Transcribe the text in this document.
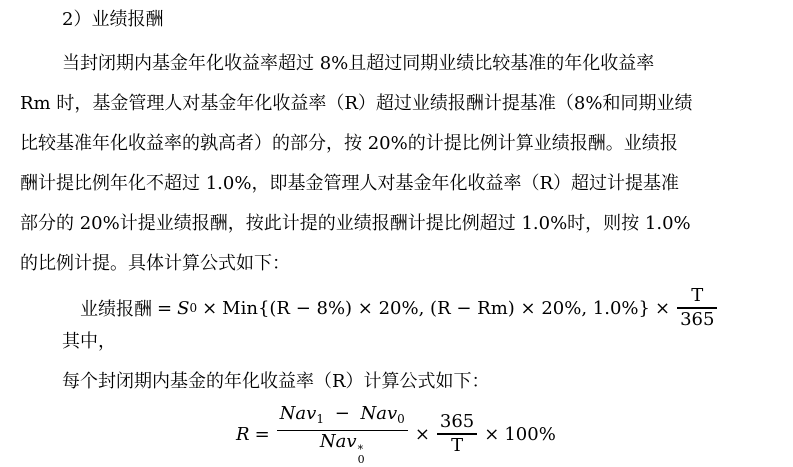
2）业绩报酬
当封闭期内基金年化收益率超过 8%且超过同期业绩比较基准的年化收益率
Rm 时，基金管理人对基金年化收益率（R）超过业绩报酬计提基准（8%和同期业绩
比较基准年化收益率的孰高者）的部分，按 20%的计提比例计算业绩报酬。业绩报
酬计提比例年化不超过 1.0%，即基金管理人对基金年化收益率（R）超过计提基准
部分的 20%计提业绩报酬，按此计提的业绩报酬计提比例超过 1.0%时，则按 1.0%
的比例计提。具体计算公式如下：
业绩报酬 = S 0 × Min{(R − 8%) × 20%, (R − Rm) × 20%, $1.0\%\} \times \frac{T}{365}$
其中，
每个封闭期内基金的年化收益率（R）计算公式如下：
R = Nav$_1$ − Nav$_0$
Nav *
$0 \times \frac{365}{T} \times 100\%$
